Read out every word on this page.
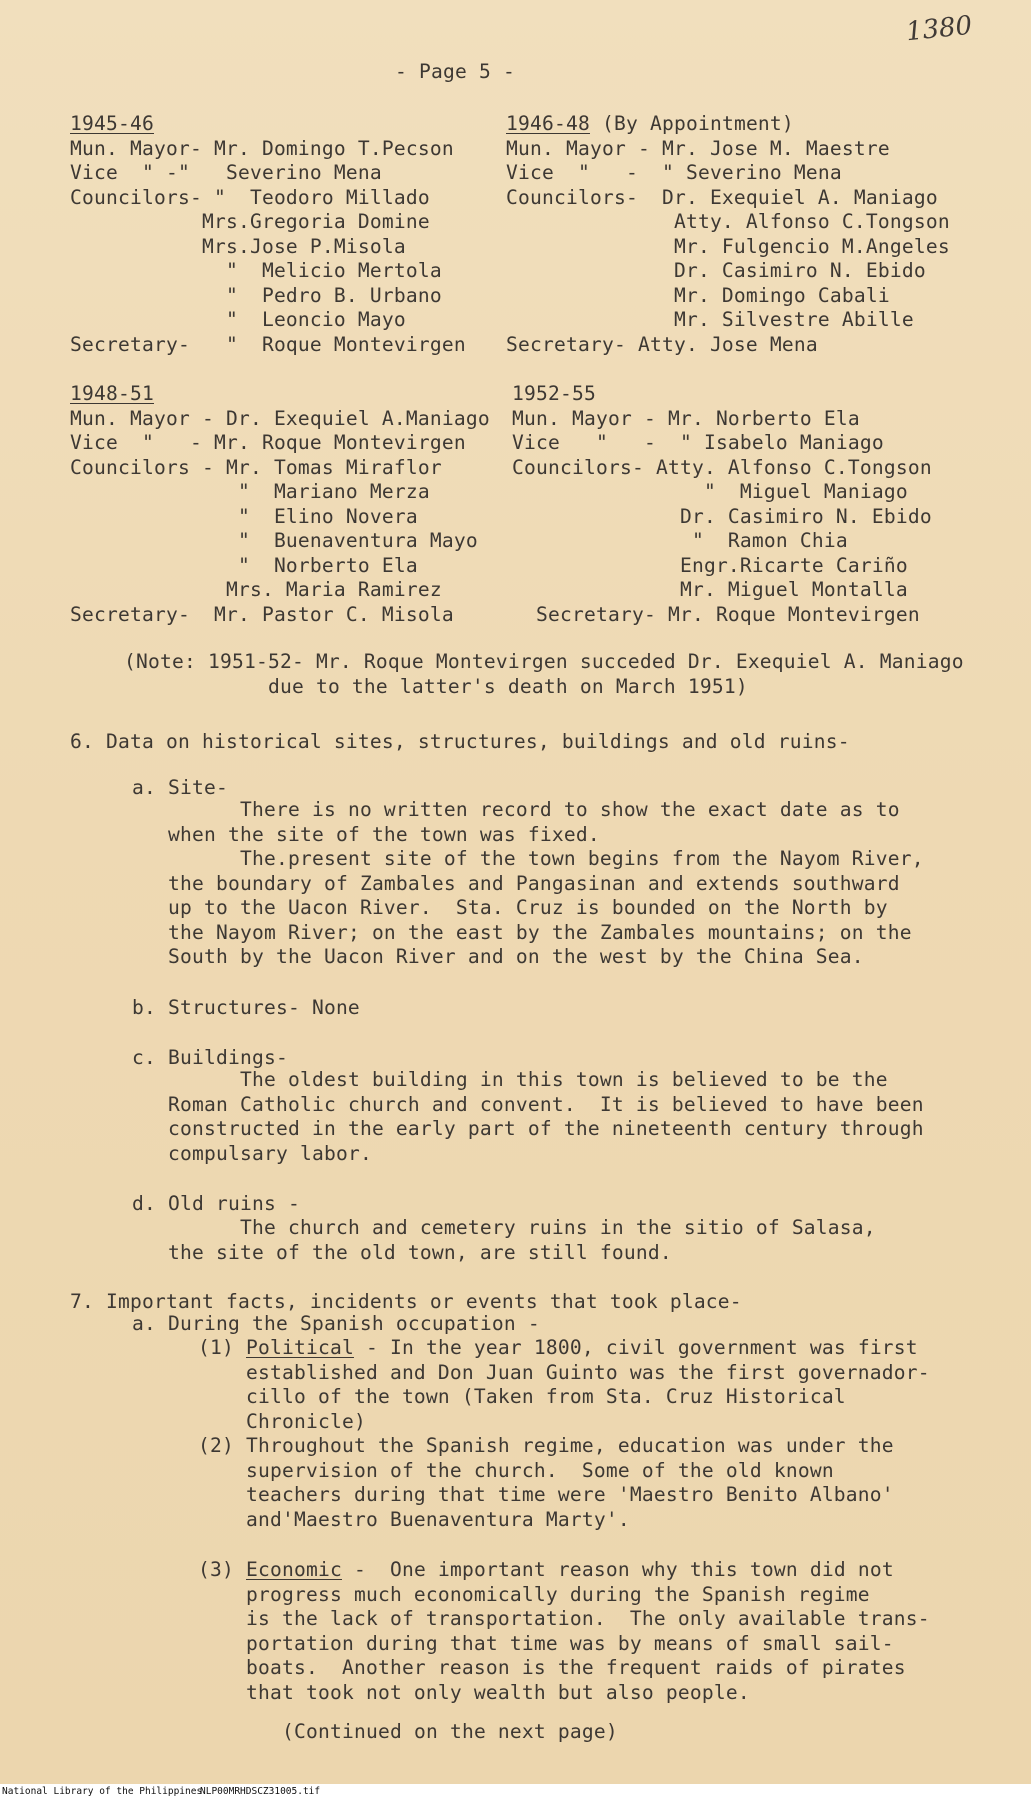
1380
- Page 5 -
1945-46
Mun. Mayor- Mr. Domingo T.Pecson
Vice  " -"   Severino Mena
Councilors- "  Teodoro Millado
Mrs.Gregoria Domine
Mrs.Jose P.Misola
"  Melicio Mertola
"  Pedro B. Urbano
"  Leoncio Mayo
Secretary-   "  Roque Montevirgen
1946-48 (By Appointment)
Mun. Mayor - Mr. Jose M. Maestre
Vice  "   -  " Severino Mena
Councilors-  Dr. Exequiel A. Maniago
Atty. Alfonso C.Tongson
Mr. Fulgencio M.Angeles
Dr. Casimiro N. Ebido
Mr. Domingo Cabali
Mr. Silvestre Abille
Secretary- Atty. Jose Mena
1948-51
Mun. Mayor - Dr. Exequiel A.Maniago
Vice  "   - Mr. Roque Montevirgen
Councilors - Mr. Tomas Miraflor
"  Mariano Merza
"  Elino Novera
"  Buenaventura Mayo
"  Norberto Ela
Mrs. Maria Ramirez
Secretary-  Mr. Pastor C. Misola
1952-55
Mun. Mayor - Mr. Norberto Ela
Vice   "   -  " Isabelo Maniago
Councilors- Atty. Alfonso C.Tongson
"  Miguel Maniago
Dr. Casimiro N. Ebido
"  Ramon Chia
Engr.Ricarte Cariño
Mr. Miguel Montalla
Secretary- Mr. Roque Montevirgen
(Note: 1951-52- Mr. Roque Montevirgen succeded Dr. Exequiel A. Maniago
due to the latter's death on March 1951)
6. Data on historical sites, structures, buildings and old ruins-
a. Site-
There is no written record to show the exact date as to
when the site of the town was fixed.
The.present site of the town begins from the Nayom River,
the boundary of Zambales and Pangasinan and extends southward
up to the Uacon River.  Sta. Cruz is bounded on the North by
the Nayom River; on the east by the Zambales mountains; on the
South by the Uacon River and on the west by the China Sea.
b. Structures- None
c. Buildings-
The oldest building in this town is believed to be the
Roman Catholic church and convent.  It is believed to have been
constructed in the early part of the nineteenth century through
compulsary labor.
d. Old ruins -
The church and cemetery ruins in the sitio of Salasa,
the site of the old town, are still found.
7. Important facts, incidents or events that took place-
a. During the Spanish occupation -
(1) Political - In the year 1800, civil government was first
established and Don Juan Guinto was the first governador-
cillo of the town (Taken from Sta. Cruz Historical
Chronicle)
(2) Throughout the Spanish regime, education was under the
supervision of the church.  Some of the old known
teachers during that time were 'Maestro Benito Albano'
and'Maestro Buenaventura Marty'.
(3) Economic -  One important reason why this town did not
progress much economically during the Spanish regime
is the lack of transportation.  The only available trans-
portation during that time was by means of small sail-
boats.  Another reason is the frequent raids of pirates
that took not only wealth but also people.
(Continued on the next page)
National Library of the Philippines
NLP00MRHDSCZ31005.tif
